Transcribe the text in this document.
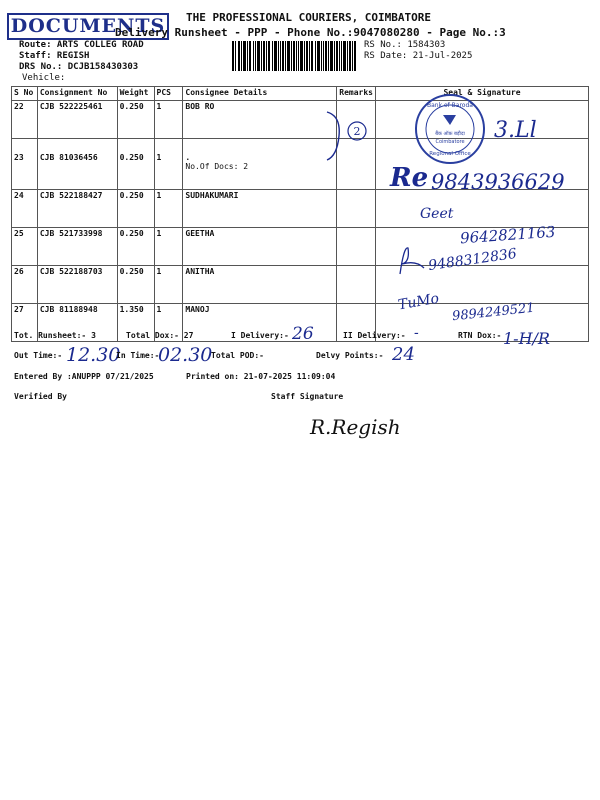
DOCUMENTS	THE PROFESSIONAL COURIERS, COIMBATORE
Delivery Runsheet - PPP - Phone No.:9047080280 - Page No.:3
Route: ARTS COLLEG ROAD
Staff: REGISH
DRS No.: DCJB158430303
Vehicle:
RS No.: 1584303
RS Date: 21-Jul-2025
S No	Consignment No	Weight	PCS	Consignee Details	Remarks	Seal & Signature
22	CJB 522225461	0.250	1	BOB RO		
23	CJB 81036456	0.250	1	.
No.Of Docs: 2		

24	CJB 522188427	0.250	1	SUDHAKUMARI		
25	CJB 521733998	0.250	1	GEETHA		
26	CJB 522188703	0.250	1	ANITHA		
27	CJB 81188948	1.350	1	MANOJ		
Bank of Baroda
बैंक ऑफ़ बड़ौदा
Regional Office
Coimbatore
2	3.Ll
Re 9843936629
Geet
9642821163
9488312836
TuMo 9894249521
Tot. Runsheet:- 3	Total Dox:- 27	I Delivery:- 26	II Delivery:- -	RTN Dox:- 1-H/R
Out Time:- 12.30
In Time:-
02.30
Total POD:-	Delvy Points:- 24
Entered By :ANUPPP 07/21/2025	Printed on: 21-07-2025 11:09:04
Verified By	Staff Signature
R.Regish
